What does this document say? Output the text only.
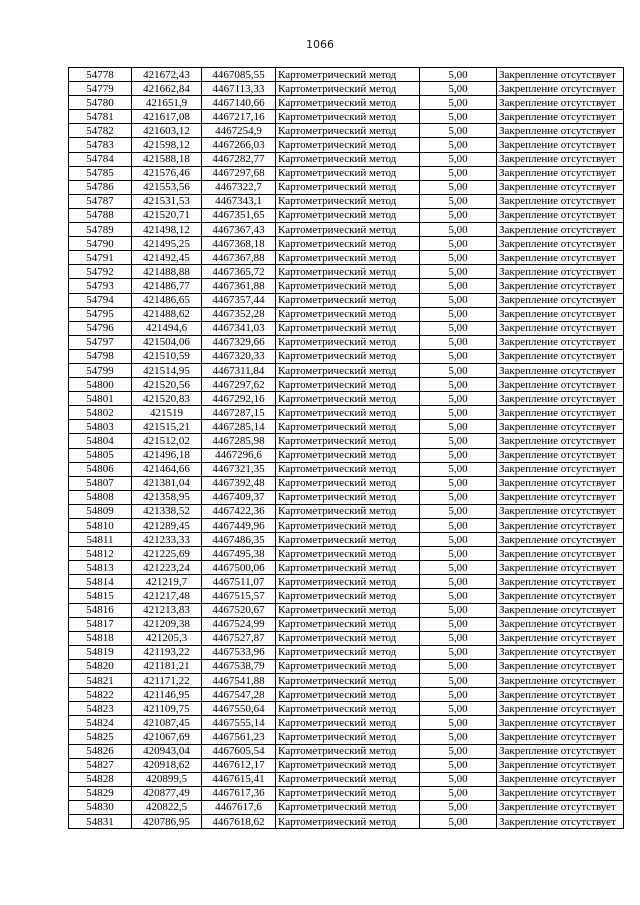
1066
54778	421672,43	4467085,55	Картометрический метод	5,00	Закрепление отсутствует
54779	421662,84	4467113,33	Картометрический метод	5,00	Закрепление отсутствует
54780	421651,9	4467140,66	Картометрический метод	5,00	Закрепление отсутствует
54781	421617,08	4467217,16	Картометрический метод	5,00	Закрепление отсутствует
54782	421603,12	4467254,9	Картометрический метод	5,00	Закрепление отсутствует
54783	421598,12	4467266,03	Картометрический метод	5,00	Закрепление отсутствует
54784	421588,18	4467282,77	Картометрический метод	5,00	Закрепление отсутствует
54785	421576,46	4467297,68	Картометрический метод	5,00	Закрепление отсутствует
54786	421553,56	4467322,7	Картометрический метод	5,00	Закрепление отсутствует
54787	421531,53	4467343,1	Картометрический метод	5,00	Закрепление отсутствует
54788	421520,71	4467351,65	Картометрический метод	5,00	Закрепление отсутствует
54789	421498,12	4467367,43	Картометрический метод	5,00	Закрепление отсутствует
54790	421495,25	4467368,18	Картометрический метод	5,00	Закрепление отсутствует
54791	421492,45	4467367,88	Картометрический метод	5,00	Закрепление отсутствует
54792	421488,88	4467365,72	Картометрический метод	5,00	Закрепление отсутствует
54793	421486,77	4467361,88	Картометрический метод	5,00	Закрепление отсутствует
54794	421486,65	4467357,44	Картометрический метод	5,00	Закрепление отсутствует
54795	421488,62	4467352,28	Картометрический метод	5,00	Закрепление отсутствует
54796	421494,6	4467341,03	Картометрический метод	5,00	Закрепление отсутствует
54797	421504,06	4467329,66	Картометрический метод	5,00	Закрепление отсутствует
54798	421510,59	4467320,33	Картометрический метод	5,00	Закрепление отсутствует
54799	421514,95	4467311,84	Картометрический метод	5,00	Закрепление отсутствует
54800	421520,56	4467297,62	Картометрический метод	5,00	Закрепление отсутствует
54801	421520,83	4467292,16	Картометрический метод	5,00	Закрепление отсутствует
54802	421519	4467287,15	Картометрический метод	5,00	Закрепление отсутствует
54803	421515,21	4467285,14	Картометрический метод	5,00	Закрепление отсутствует
54804	421512,02	4467285,98	Картометрический метод	5,00	Закрепление отсутствует
54805	421496,18	4467296,6	Картометрический метод	5,00	Закрепление отсутствует
54806	421464,66	4467321,35	Картометрический метод	5,00	Закрепление отсутствует
54807	421381,04	4467392,48	Картометрический метод	5,00	Закрепление отсутствует
54808	421358,95	4467409,37	Картометрический метод	5,00	Закрепление отсутствует
54809	421338,52	4467422,36	Картометрический метод	5,00	Закрепление отсутствует
54810	421289,45	4467449,96	Картометрический метод	5,00	Закрепление отсутствует
54811	421233,33	4467486,35	Картометрический метод	5,00	Закрепление отсутствует
54812	421225,69	4467495,38	Картометрический метод	5,00	Закрепление отсутствует
54813	421223,24	4467500,06	Картометрический метод	5,00	Закрепление отсутствует
54814	421219,7	4467511,07	Картометрический метод	5,00	Закрепление отсутствует
54815	421217,48	4467515,57	Картометрический метод	5,00	Закрепление отсутствует
54816	421213,83	4467520,67	Картометрический метод	5,00	Закрепление отсутствует
54817	421209,38	4467524,99	Картометрический метод	5,00	Закрепление отсутствует
54818	421205,3	4467527,87	Картометрический метод	5,00	Закрепление отсутствует
54819	421193,22	4467533,96	Картометрический метод	5,00	Закрепление отсутствует
54820	421181,21	4467538,79	Картометрический метод	5,00	Закрепление отсутствует
54821	421171,22	4467541,88	Картометрический метод	5,00	Закрепление отсутствует
54822	421146,95	4467547,28	Картометрический метод	5,00	Закрепление отсутствует
54823	421109,75	4467550,64	Картометрический метод	5,00	Закрепление отсутствует
54824	421087,45	4467555,14	Картометрический метод	5,00	Закрепление отсутствует
54825	421067,69	4467561,23	Картометрический метод	5,00	Закрепление отсутствует
54826	420943,04	4467605,54	Картометрический метод	5,00	Закрепление отсутствует
54827	420918,62	4467612,17	Картометрический метод	5,00	Закрепление отсутствует
54828	420899,5	4467615,41	Картометрический метод	5,00	Закрепление отсутствует
54829	420877,49	4467617,36	Картометрический метод	5,00	Закрепление отсутствует
54830	420822,5	4467617,6	Картометрический метод	5,00	Закрепление отсутствует
54831	420786,95	4467618,62	Картометрический метод	5,00	Закрепление отсутствует
